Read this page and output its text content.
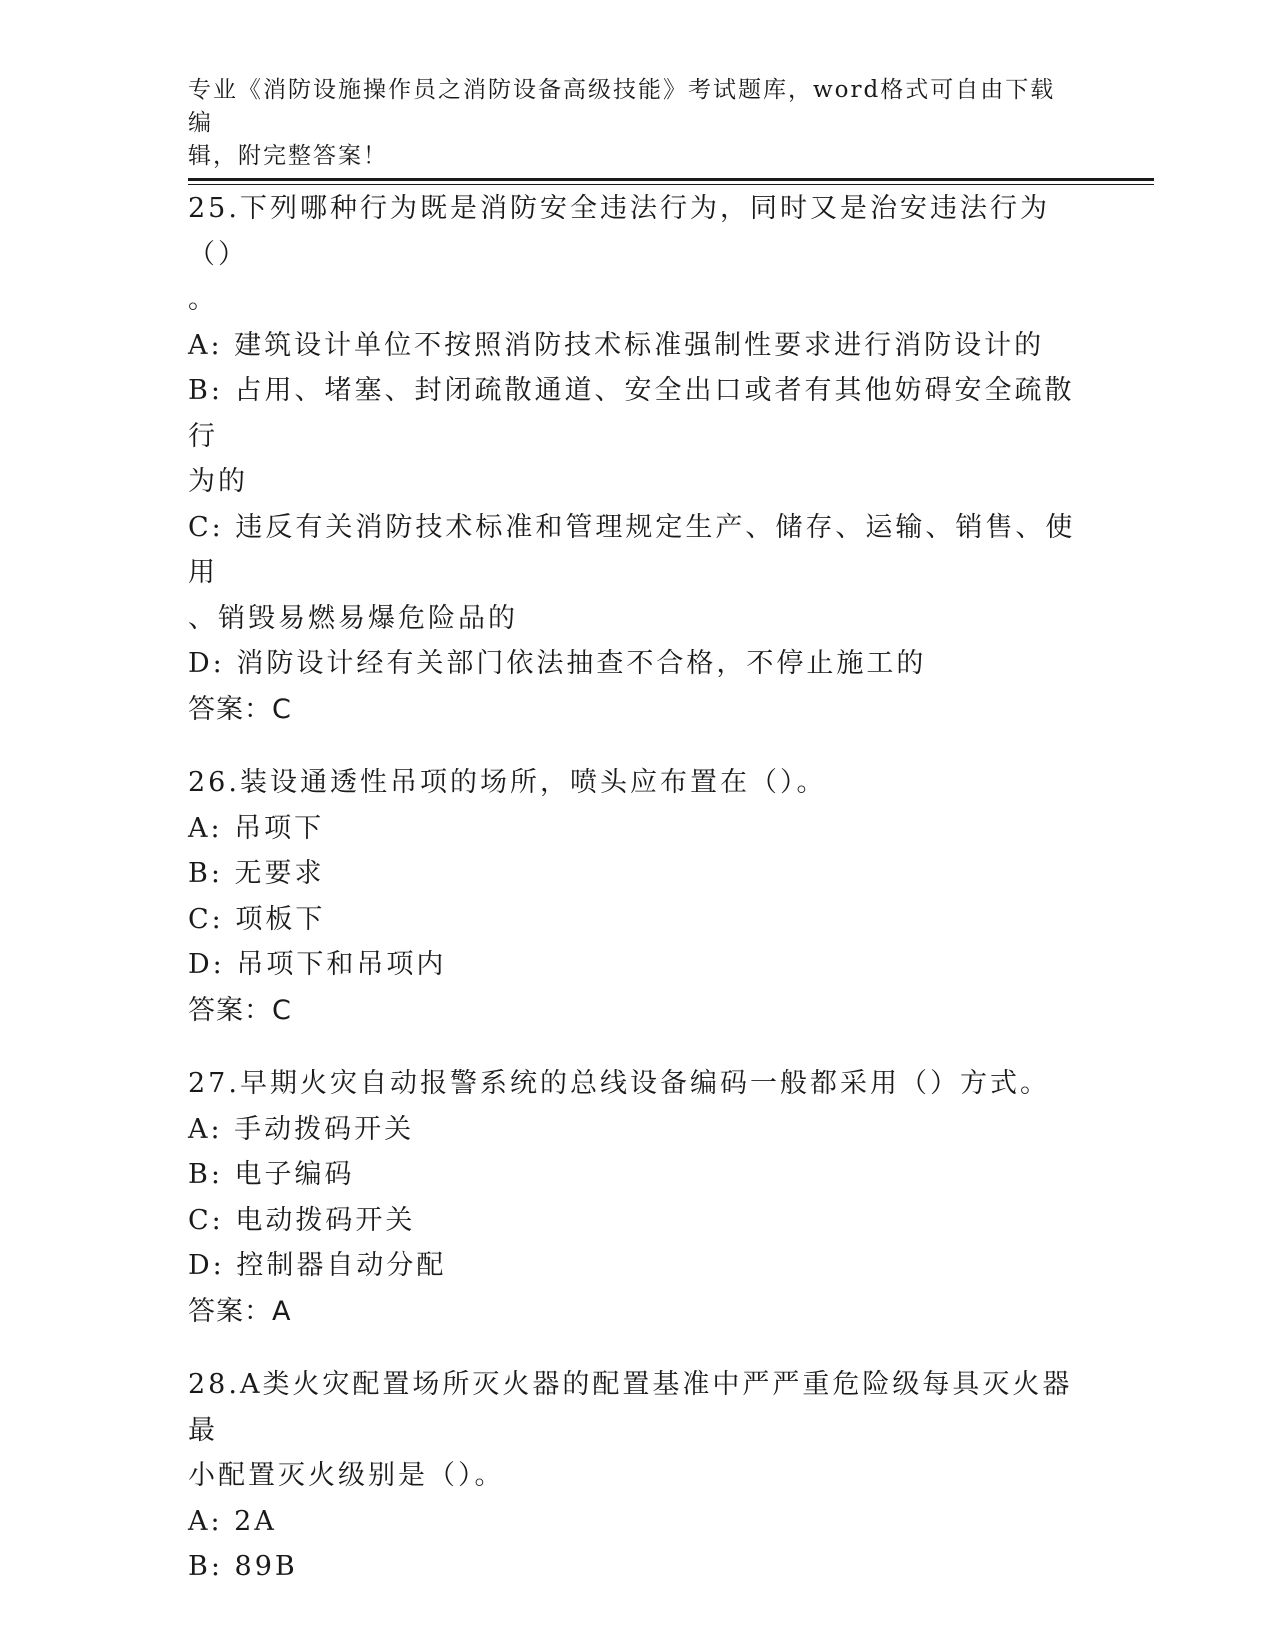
专业《消防设施操作员之消防设备高级技能》考试题库，word格式可自由下载编
辑，附完整答案！
25.下列哪种行为既是消防安全违法行为，同时又是治安违法行为（）
。
A: 建筑设计单位不按照消防技术标准强制性要求进行消防设计的
B: 占用、堵塞、封闭疏散通道、安全出口或者有其他妨碍安全疏散行
为的
C: 违反有关消防技术标准和管理规定生产、储存、运输、销售、使用
、销毁易燃易爆危险品的
D: 消防设计经有关部门依法抽查不合格，不停止施工的
答案：C
26.装设通透性吊项的场所，喷头应布置在（）。
A: 吊项下
B: 无要求
C: 项板下
D: 吊项下和吊项内
答案：C
27.早期火灾自动报警系统的总线设备编码一般都采用（）方式。
A: 手动拨码开关
B: 电子编码
C: 电动拨码开关
D: 控制器自动分配
答案：A
28.A类火灾配置场所灭火器的配置基准中严严重危险级每具灭火器最
小配置灭火级别是（）。
A: 2A
B: 89B
